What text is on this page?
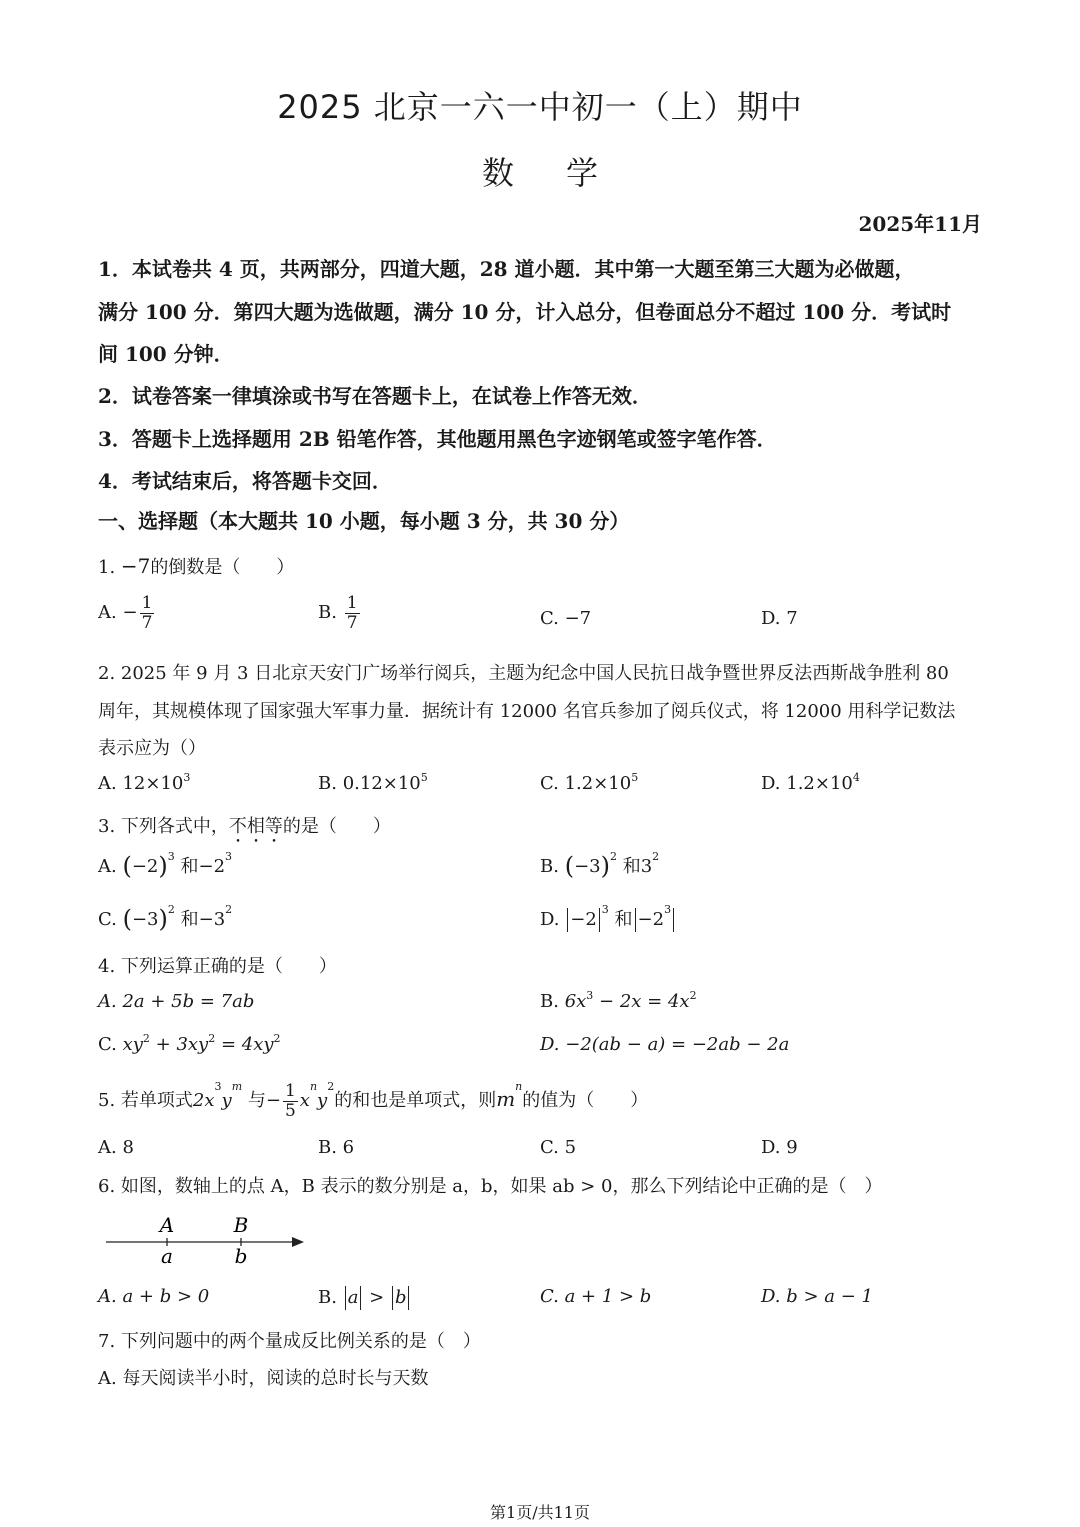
2025 北京一六一中初一（上）期中
数学
2025年11月
1．本试卷共 4 页，共两部分，四道大题，28 道小题．其中第一大题至第三大题为必做题，
满分 100 分．第四大题为选做题，满分 10 分，计入总分，但卷面总分不超过 100 分．考试时
间 100 分钟．
2．试卷答案一律填涂或书写在答题卡上，在试卷上作答无效．
3．答题卡上选择题用 2B 铅笔作答，其他题用黑色字迹钢笔或签字笔作答．
4．考试结束后，将答题卡交回．
一、选择题（本大题共 10 小题，每小题 3 分，共 30 分）
1. −7的倒数是（　　）
A. − $\frac{1}{7}$	B. $\frac{1}{7}$	C. −7	D. 7
2. 2025 年 9 月 3 日北京天安门广场举行阅兵，主题为纪念中国人民抗日战争暨世界反法西斯战争胜利 80
周年，其规模体现了国家强大军事力量．据统计有 12000 名官兵参加了阅兵仪式，将 12000 用科学记数法
表示应为（）
A. $12\times 10^3$	B. $0.12\times 10^5$	C. $1.2\times 10^5$	D. $1.2\times 10^4$
3. 下列各式中，不相等的是（　　）
A. $(-2)^3$ 和$-2^3$	B. $(-3)^2$ 和$3^2$
C. $(-3)^2$ 和$-3^2$	D. −2 $^3$ 和 $-2^3$
4. 下列运算正确的是（　　）
A. 2a + 5b = 7ab	B. $6x^3 - 2x = 4x^2$
C. $xy^2 + 3xy^2 = 4xy^2$	D. −2(ab − a) = −2ab − 2a
5. 若单项式$2x^3y^m$ 与− $\frac{1}{5} x^ny^2$的和也是单项式，则$m^n$的值为（　　）
A. 8	B. 6	C. 5	D. 9
6. 如图，数轴上的点 A，B 表示的数分别是 a，b，如果 ab > 0，那么下列结论中正确的是（　）
A	B
a	b
A. a + b > 0	B. a > b	C. a + 1 > b	D. b > a − 1
7. 下列问题中的两个量成反比例关系的是（　）
A. 每天阅读半小时，阅读的总时长与天数
第1页/共11页
